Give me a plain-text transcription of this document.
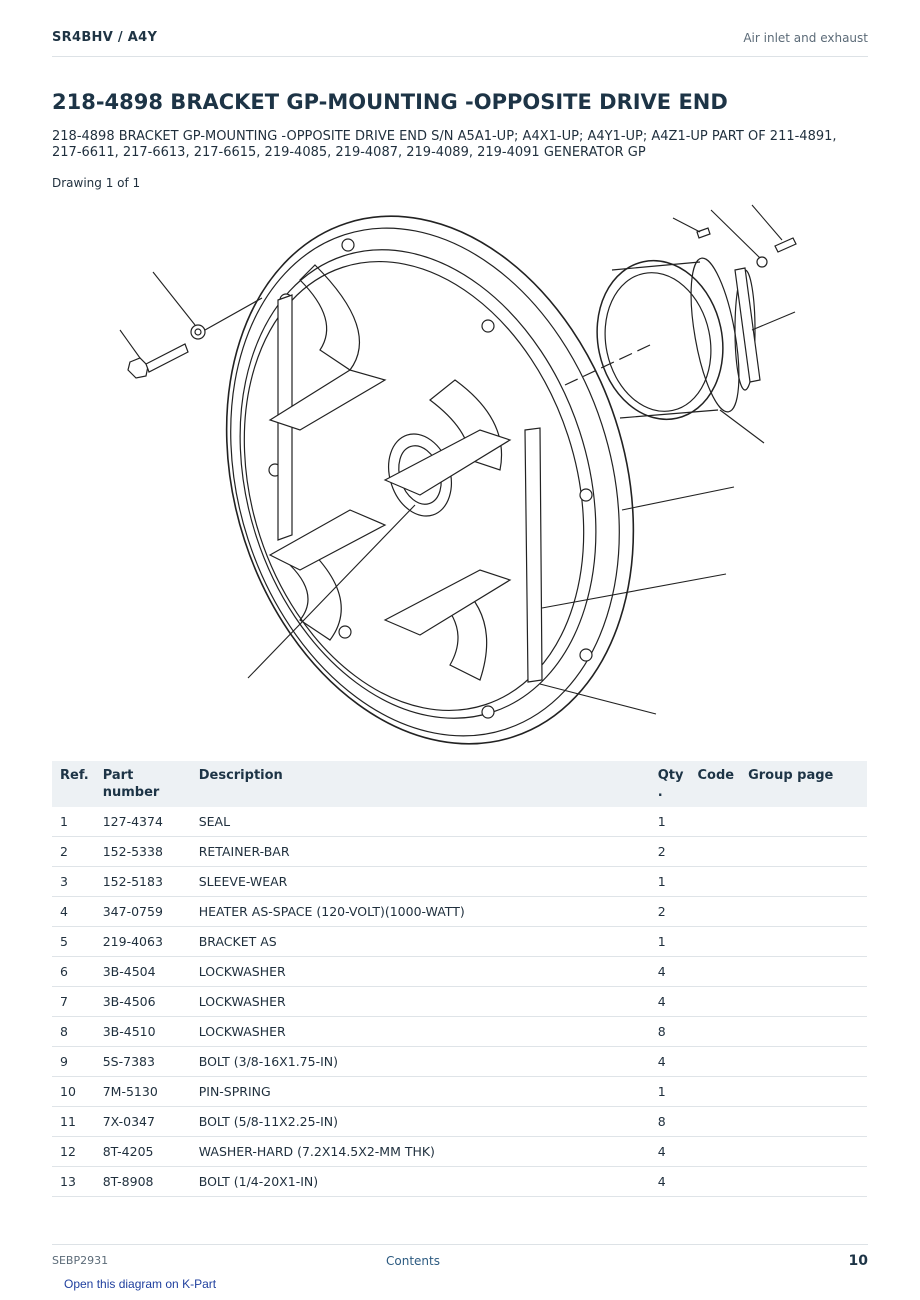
SR4BHV / A4Y	Air inlet and exhaust
218-4898 BRACKET GP-MOUNTING -OPPOSITE DRIVE END
218-4898 BRACKET GP-MOUNTING -OPPOSITE DRIVE END S/N A5A1-UP; A4X1-UP; A4Y1-UP; A4Z1-UP PART OF 211-4891, 217-6611, 217-6613, 217-6615, 219-4085, 219-4087, 219-4089, 219-4091 GENERATOR GP
Drawing 1 of 1
Ref.	Part number	Description	Qty .	Code	Group page
1	127-4374	SEAL	1		
2	152-5338	RETAINER-BAR	2		
3	152-5183	SLEEVE-WEAR	1		
4	347-0759	HEATER AS-SPACE (120-VOLT)(1000-WATT)	2		
5	219-4063	BRACKET AS	1		
6	3B-4504	LOCKWASHER	4		
7	3B-4506	LOCKWASHER	4		
8	3B-4510	LOCKWASHER	8		
9	5S-7383	BOLT (3/8-16X1.75-IN)	4		
10	7M-5130	PIN-SPRING	1		
11	7X-0347	BOLT (5/8-11X2.25-IN)	8		
12	8T-4205	WASHER-HARD (7.2X14.5X2-MM THK)	4		
13	8T-8908	BOLT (1/4-20X1-IN)	4		
SEBP2931	Contents	10
Open this diagram on K-Part
